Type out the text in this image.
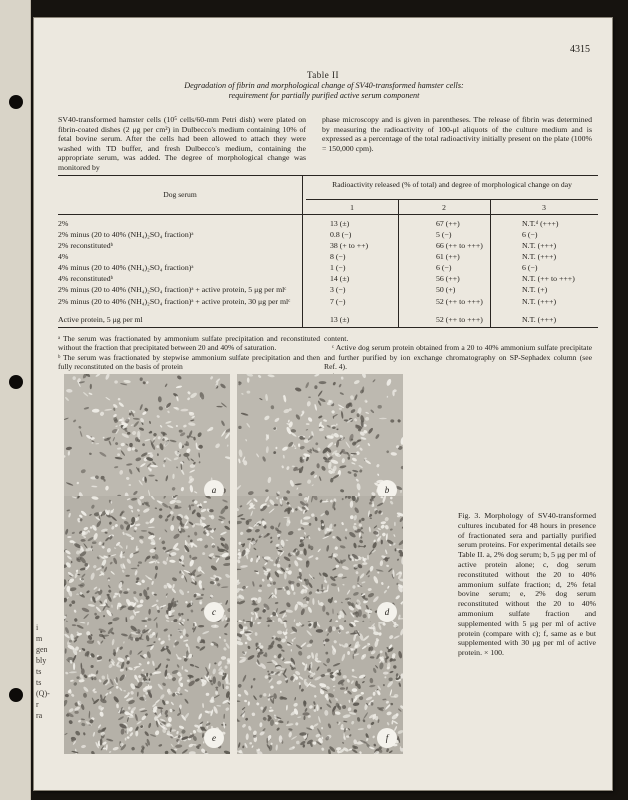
4315
Table II
Degradation of fibrin and morphological change of SV40-transformed hamster cells:
requirement for partially purified active serum component
SV40-transformed hamster cells (10⁵ cells/60-mm Petri dish) were plated on fibrin-coated dishes (2 μg per cm²) in Dulbecco's medium containing 10% of fetal bovine serum. After the cells had been allowed to attach they were washed with TD buffer, and fresh Dulbecco's medium, containing the appropriate serum, was added. The degree of morphological change was monitored by
phase microscopy and is given in parentheses. The release of fibrin was determined by measuring the radioactivity of 100-μl aliquots of the culture medium and is expressed as a percentage of the total radioactivity initially present on the plate (100% = 150,000 cpm).
Dog serum
Radioactivity released (% of total) and degree of morphological change on day
1	2	3
2%	13 (±)	67 (++)	N.T.ᵈ (+++)
2% minus (20 to 40% (NH₄)₂SO₄ fraction)ᵃ	0.8 (−)	5 (−)	6 (−)
2% reconstitutedᵇ	38 (+ to ++)	66 (++ to +++)	N.T. (+++)
4%	8 (−)	61 (++)	N.T. (+++)
4% minus (20 to 40% (NH₄)₂SO₄ fraction)ᵃ	1 (−)	6 (−)	6 (−)
4% reconstitutedᵇ	14 (±)	56 (++)	N.T. (++ to +++)
2% minus (20 to 40% (NH₄)₂SO₄ fraction)ᵃ + active protein, 5 μg per mlᶜ	3 (−)	50 (+)	N.T. (+)
2% minus (20 to 40% (NH₄)₂SO₄ fraction)ᵃ + active protein, 30 μg per mlᶜ	7 (−)	52 (++ to +++)	N.T. (+++)
Active protein, 5 μg per ml	13 (±)	52 (++ to +++)	N.T. (+++)

ᵃ The serum was fractionated by ammonium sulfate precipitation and reconstituted without the fraction that precipitated between 20 and 40% of saturation.

ᵇ The serum was fractionated by stepwise ammonium sulfate precipitation and then fully reconstituted on the basis of protein

content.

ᶜ Active dog serum protein obtained from a 20 to 40% ammonium sulfate precipitate and further purified by ion exchange chromatography on SP-Sephadex column (see Ref. 4).

a	b
c	d
e	f
Fig. 3. Morphology of SV40-transformed cultures incubated for 48 hours in presence of fractionated sera and partially purified serum proteins. For experimental details see Table II. a, 2% dog serum; b, 5 μg per ml of active protein alone; c, dog serum reconstituted without the 20 to 40% ammonium sulfate fraction; d, 2% fetal bovine serum; e, 2% dog serum reconstituted without the 20 to 40% ammonium sulfate fraction and supplemented with 5 μg per ml of active protein (compare with c); f, same as e but supplemented with 30 μg per ml of active protein. × 100.
i
m
gen
bly
ts
ts
(Q)-
r
ra
